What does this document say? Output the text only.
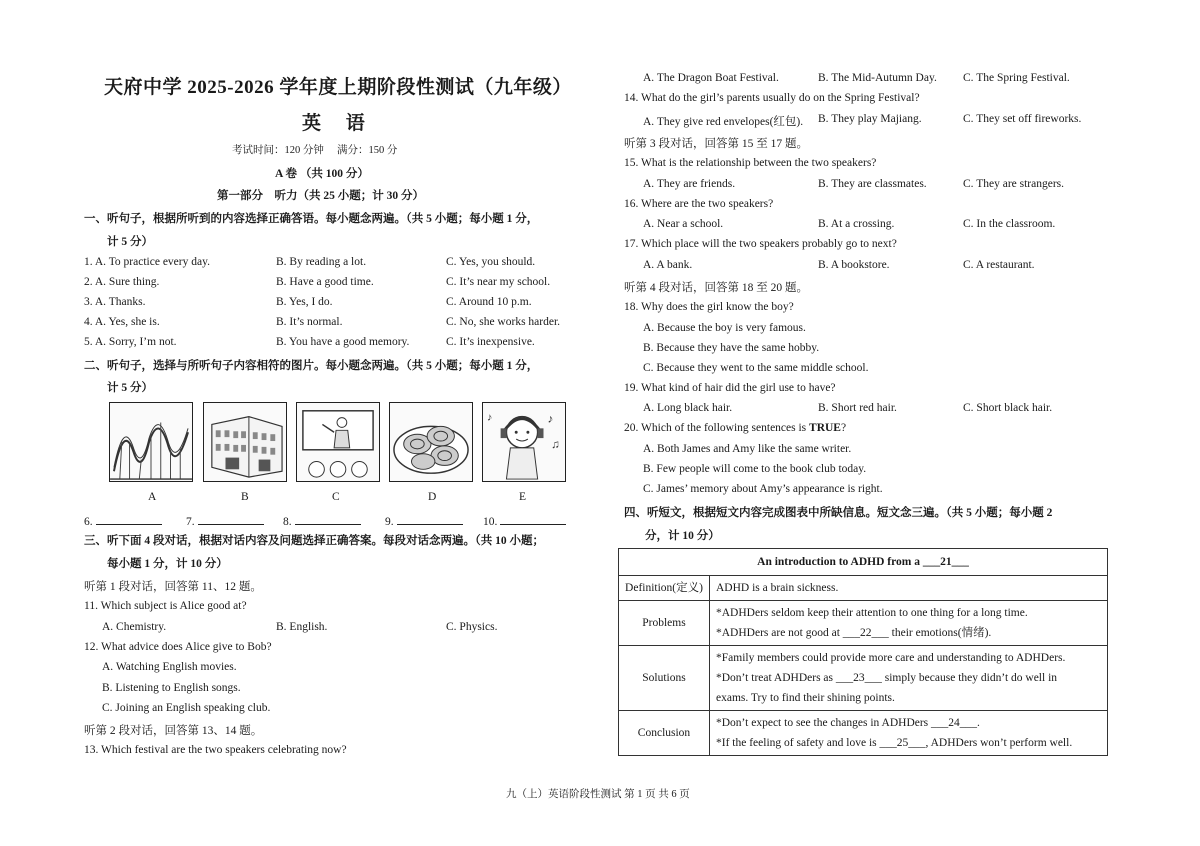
天府中学 2025-2026 学年度上期阶段性测试（九年级）
英 语
考试时间：120 分钟　 满分：150 分
A 卷 （共 100 分）
第一部分　听力（共 25 小题；计 30 分）
一、听句子，根据所听到的内容选择正确答语。每小题念两遍。（共 5 小题；每小题 1 分，
计 5 分）
1. A. To practice every day.	B. By reading a lot.	C. Yes, you should.
2. A. Sure thing.	B. Have a good time.	C. It’s near my school.
3. A. Thanks.	B. Yes, I do.	C. Around 10 p.m.
4. A. Yes, she is.	B. It’s normal.	C. No, she works harder.
5. A. Sorry, I’m not.	B. You have a good memory.	C. It’s inexpensive.
二、听句子，选择与所听句子内容相符的图片。每小题念两遍。（共 5 小题；每小题 1 分，
计 5 分）
♪
♫
♪
A	B	C	D	E
6.	7.	8.	9.	10.
三、听下面 4 段对话，根据对话内容及问题选择正确答案。每段对话念两遍。（共 10 小题；
每小题 1 分，计 10 分）
听第 1 段对话，回答第 11、12 题。
11. Which subject is Alice good at?
A. Chemistry.	B. English.	C. Physics.
12. What advice does Alice give to Bob?
A. Watching English movies.
B. Listening to English songs.
C. Joining an English speaking club.
听第 2 段对话，回答第 13、14 题。
13. Which festival are the two speakers celebrating now?
A. The Dragon Boat Festival.	B. The Mid-Autumn Day. C. The Spring Festival.
14. What do the girl’s parents usually do on the Spring Festival?
A. They give red envelopes(红包). B. They play Majiang.	C. They set off fireworks.
听第 3 段对话，回答第 15 至 17 题。
15. What is the relationship between the two speakers?
A. They are friends.	B. They are classmates.	C. They are strangers.
16. Where are the two speakers?
A. Near a school.	B. At a crossing.	C. In the classroom.
17. Which place will the two speakers probably go to next?
A. A bank.	B. A bookstore.	C. A restaurant.
听第 4 段对话，回答第 18 至 20 题。
18. Why does the girl know the boy?
A. Because the boy is very famous.
B. Because they have the same hobby.
C. Because they went to the same middle school.
19. What kind of hair did the girl use to have?
A. Long black hair.	B. Short red hair.	C. Short black hair.
20. Which of the following sentences is TRUE?
A. Both James and Amy like the same writer.
B. Few people will come to the book club today.
C. James’ memory about Amy’s appearance is right.
四、听短文，根据短文内容完成图表中所缺信息。短文念三遍。（共 5 小题；每小题 2
分，计 10 分）
An introduction to ADHD from a ___21___	
Definition(定义)	ADHD is a brain sickness.

Problems	*ADHDers seldom keep their attention to one thing for a long time.
*ADHDers are not good at ___22___ their emotions(情绪).

Solutions	*Family members could provide more care and understanding to ADHDers.
*Don’t treat ADHDers as ___23___ simply because they didn’t do well in
exams. Try to find their shining points.

Conclusion	*Don’t expect to see the changes in ADHDers ___24___.
*If the feeling of safety and love is ___25___, ADHDers won’t perform well.
九（上）英语阶段性测试 第 1 页 共 6 页
